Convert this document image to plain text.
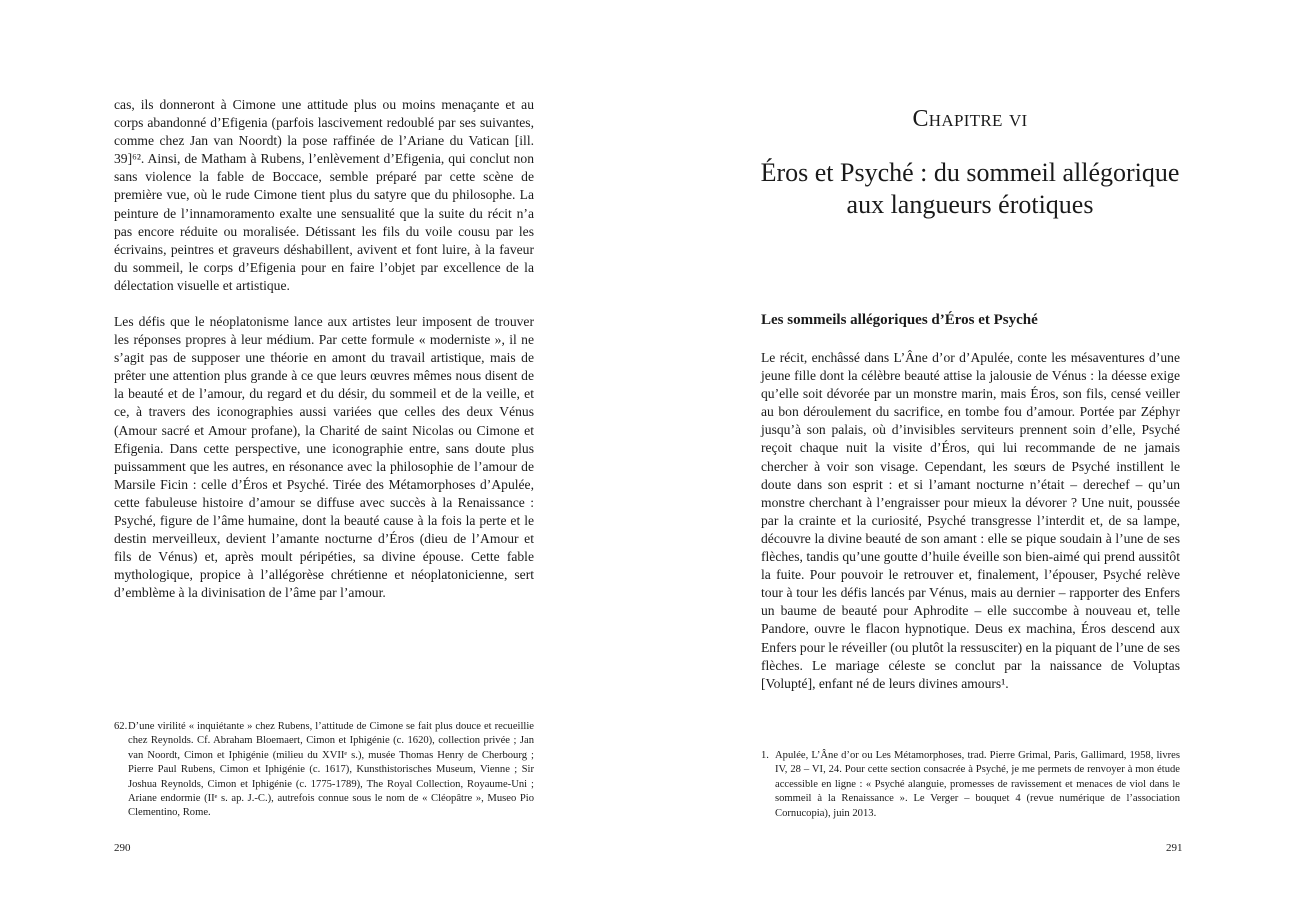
cas, ils donneront à Cimone une attitude plus ou moins menaçante et au corps abandonné d’Efigenia (parfois lascivement redoublé par ses suivantes, comme chez Jan van Noordt) la pose raffinée de l’Ariane du Vatican [ill. 39]⁶². Ainsi, de Matham à Rubens, l’enlèvement d’Efigenia, qui conclut non sans violence la fable de Boccace, semble préparé par cette scène de première vue, où le rude Cimone tient plus du satyre que du philosophe. La peinture de l’innamoramento exalte une sensualité que la suite du récit n’a pas encore réduite ou moralisée. Détissant les fils du voile cousu par les écrivains, peintres et graveurs déshabillent, avivent et font luire, à la faveur du sommeil, le corps d’Efigenia pour en faire l’objet par excellence de la délectation visuelle et artistique.

Les défis que le néoplatonisme lance aux artistes leur imposent de trouver les réponses propres à leur médium. Par cette formule « moderniste », il ne s’agit pas de supposer une théorie en amont du travail artistique, mais de prêter une attention plus grande à ce que leurs œuvres mêmes nous disent de la beauté et de l’amour, du regard et du désir, du sommeil et de la veille, et ce, à travers des iconographies aussi variées que celles des deux Vénus (Amour sacré et Amour profane), la Charité de saint Nicolas ou Cimone et Efigenia. Dans cette perspective, une iconographie entre, sans doute plus puissamment que les autres, en résonance avec la philosophie de l’amour de Marsile Ficin : celle d’Éros et Psyché. Tirée des Métamorphoses d’Apulée, cette fabuleuse histoire d’amour se diffuse avec succès à la Renaissance : Psyché, figure de l’âme humaine, dont la beauté cause à la fois la perte et le destin merveilleux, devient l’amante nocturne d’Éros (dieu de l’Amour et fils de Vénus) et, après moult péripéties, sa divine épouse. Cette fable mythologique, propice à l’allégorèse chrétienne et néoplatonicienne, sert d’emblème à la divinisation de l’âme par l’amour.

62. D’une virilité « inquiétante » chez Rubens, l’attitude de Cimone se fait plus douce et recueillie chez Reynolds. Cf. Abraham Bloemaert, Cimon et Iphigénie (c. 1620), collection privée ; Jan van Noordt, Cimon et Iphigénie (milieu du XVIIᵉ s.), musée Thomas Henry de Cherbourg ; Pierre Paul Rubens, Cimon et Iphigénie (c. 1617), Kunsthistorisches Museum, Vienne ; Sir Joshua Reynolds, Cimon et Iphigénie (c. 1775-1789), The Royal Collection, Royaume-Uni ; Ariane endormie (IIᵉ s. ap. J.-C.), autrefois connue sous le nom de « Cléopâtre », Museo Pio Clementino, Rome.
290
Chapitre vi
Éros et Psyché : du sommeil allégorique aux langueurs érotiques
Les sommeils allégoriques d’Éros et Psyché

Le récit, enchâssé dans L’Âne d’or d’Apulée, conte les mésaventures d’une jeune fille dont la célèbre beauté attise la jalousie de Vénus : la déesse exige qu’elle soit dévorée par un monstre marin, mais Éros, son fils, censé veiller au bon déroulement du sacrifice, en tombe fou d’amour. Portée par Zéphyr jusqu’à son palais, où d’invisibles serviteurs prennent soin d’elle, Psyché reçoit chaque nuit la visite d’Éros, qui lui recommande de ne jamais chercher à voir son visage. Cependant, les sœurs de Psyché instillent le doute dans son esprit : et si l’amant nocturne n’était – derechef – qu’un monstre cherchant à l’engraisser pour mieux la dévorer ? Une nuit, poussée par la crainte et la curiosité, Psyché transgresse l’interdit et, de sa lampe, découvre la divine beauté de son amant : elle se pique soudain à l’une de ses flèches, tandis qu’une goutte d’huile éveille son bien-aimé qui prend aussitôt la fuite. Pour pouvoir le retrouver et, finalement, l’épouser, Psyché relève tour à tour les défis lancés par Vénus, mais au dernier – rapporter des Enfers un baume de beauté pour Aphrodite – elle succombe à nouveau et, telle Pandore, ouvre le flacon hypnotique. Deus ex machina, Éros descend aux Enfers pour le réveiller (ou plutôt la ressusciter) en la piquant de l’une de ses flèches. Le mariage céleste se conclut par la naissance de Voluptas [Volupté], enfant né de leurs divines amours¹.

1. Apulée, L’Âne d’or ou Les Métamorphoses, trad. Pierre Grimal, Paris, Gallimard, 1958, livres IV, 28 – VI, 24. Pour cette section consacrée à Psyché, je me permets de renvoyer à mon étude accessible en ligne : « Psyché alanguie, promesses de ravissement et menaces de viol dans le sommeil à la Renaissance ». Le Verger – bouquet 4 (revue numérique de l’association Cornucopia), juin 2013.
291
